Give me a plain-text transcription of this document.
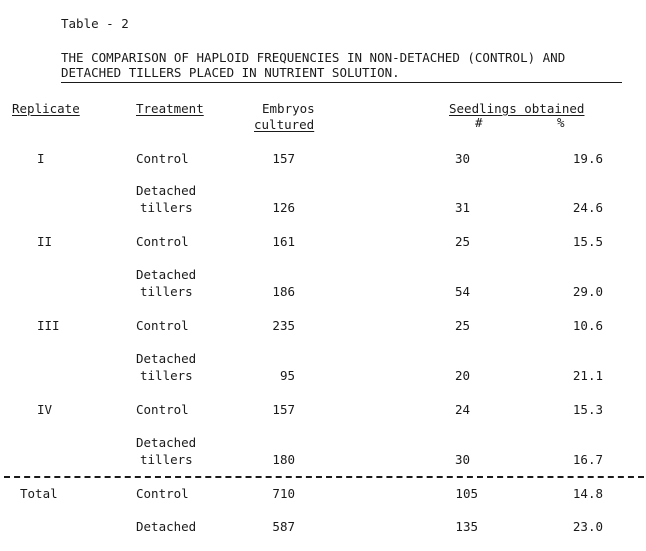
Table - 2
THE COMPARISON OF HAPLOID FREQUENCIES IN NON-DETACHED (CONTROL) AND
DETACHED TILLERS PLACED IN NUTRIENT SOLUTION.
Replicate	Treatment	Embryos
cultured
Seedlings obtained
#	%
I	Control	157	30	19.6
Detached
tillers	126	31	24.6
II	Control	161	25	15.5
Detached
tillers	186	54	29.0
III	Control	235	25	10.6
Detached
tillers	95	20	21.1
IV	Control	157	24	15.3
Detached
tillers	180	30	16.7
Total	Control	710	105	14.8
Detached	587	135	23.0
